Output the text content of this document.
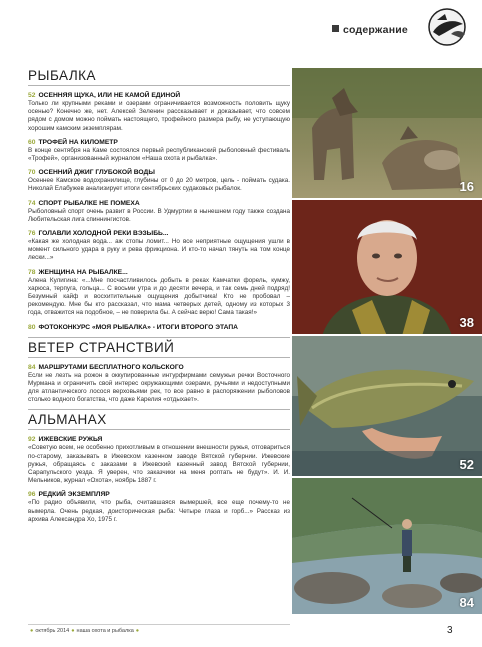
содержание
РЫБАЛКА
52 ОСЕННЯЯ ЩУКА, ИЛИ НЕ КАМОЙ ЕДИНОЙ
Только ли крупными реками и озерами ограничивается возможность половить щуку осенью? Конечно же, нет. Алексей Зеленин рассказывает и доказывает, что совсем рядом с домом можно поймать настоящего, трофейного размера рыбу, не уступающую хорошим камским экземплярам.
60 ТРОФЕЙ НА КИЛОМЕТР
В конце сентября на Каме состоялся первый республиканский рыболовный фестиваль «Трофей», организованный журналом «Наша охота и рыбалка».
70 ОСЕННИЙ ДЖИГ ГЛУБОКОЙ ВОДЫ
Осеннее Камское водохранилище, глубины от 0 до 20 метров, цель - поймать судака. Николай Елабужев анализирует итоги сентябрьских судаковых рыбалок.
74 СПОРТ РЫБАЛКЕ НЕ ПОМЕХА
Рыболовный спорт очень развит в России. В Удмуртии в нынешнем году также создана Любительская лига спиннингистов.
76 ГОЛАВЛИ ХОЛОДНОЙ РЕКИ ВЭЗЫБЬ...
«Какая же холодная вода... аж стопы ломит... Но все неприятные ощущения ушли в момент сильного удара в руку и рева фрикциона. И кто-то начал тянуть на том конце лески...»
78 ЖЕНЩИНА НА РЫБАЛКЕ...
Алена Кулигина: «...Мне посчастливилось добыть в реках Камчатки форель, кумжу, харюса, терпуга, гольца... С восьми утра и до десяти вечера, и так семь дней подряд! Безумный кайф и восхитительные ощущения добытчика! Кто не пробовал – рекомендую. Мне бы кто рассказал, что мама четверых детей, одному из которых 3 года, отважится на подобное, – не поверила бы. А сейчас верю! Сама такая!»
80 ФОТОКОНКУРС «МОЯ РЫБАЛКА» - ИТОГИ ВТОРОГО ЭТАПА
ВЕТЕР СТРАНСТВИЙ
84 МАРШРУТАМИ БЕСПЛАТНОГО КОЛЬСКОГО
Если не лезть на рожон в оккупированные интурфирмами семужьи речки Восточного Мурмана и ограничить свой интерес окружающими озерами, ручьями и недоступными для атлантического лосося верховьями рек, то все равно в распоряжении рыболовов столько водного богатства, что даже Карелия «отдыхает».
АЛЬМАНАХ
92 ИЖЕВСКИЕ РУЖЬЯ
«Советую всем, не особенно прихотливым в отношении внешности ружья, отговариться по-старому, заказывать в Ижевском казенном заводе Вятской губернии. Ижевские ружья, обращаясь с заказами в Ижевский казенный завод Вятской губернии, Сарапульского уезда. Я уверен, что заказчики на меня роптать не будут». И. И. Мельников, журнал «Охота», ноябрь 1887 г.
96 РЕДКИЙ ЭКЗЕМПЛЯР
«По радио объявили, что рыба, считавшаяся вымершей, все еще почему-то не вымерла. Очень редкая, доисторическая рыба: Четыре глаза и горб...» Рассказ из архива Александра Хо, 1975 г.
16
38
52
84
● октябрь 2014 ● наша охота и рыбалка ●	3
